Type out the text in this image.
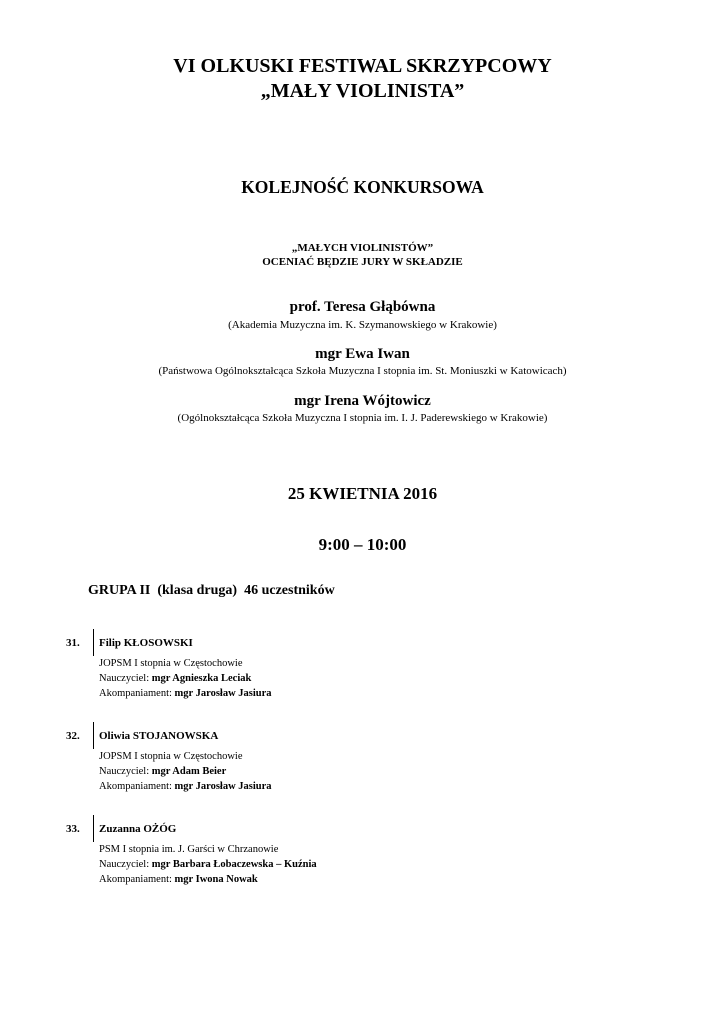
VI OLKUSKI FESTIWAL SKRZYPCOWY
„MAŁY VIOLINISTA”
KOLEJNOŚĆ KONKURSOWA
„MAŁYCH VIOLINISTÓW”
OCENIAĆ BĘDZIE JURY W SKŁADZIE
prof. Teresa Głąbówna
(Akademia Muzyczna im. K. Szymanowskiego w Krakowie)
mgr Ewa Iwan
(Państwowa Ogólnokształcąca Szkoła Muzyczna I stopnia im. St. Moniuszki w Katowicach)
mgr Irena Wójtowicz
(Ogólnokształcąca Szkoła Muzyczna I stopnia im. I. J. Paderewskiego w Krakowie)
25 KWIETNIA 2016
9:00 – 10:00
GRUPA II  (klasa druga)  46 uczestników
31. Filip KŁOSOWSKI
JOPSM I stopnia w Częstochowie
Nauczyciel: mgr Agnieszka Leciak
Akompaniament: mgr Jarosław Jasiura
32. Oliwia STOJANOWSKA
JOPSM I stopnia w Częstochowie
Nauczyciel: mgr Adam Beier
Akompaniament: mgr Jarosław Jasiura
33. Zuzanna OŻÓG
PSM I stopnia im. J. Garści w Chrzanowie
Nauczyciel: mgr Barbara Łobaczewska – Kuźnia
Akompaniament: mgr Iwona Nowak
